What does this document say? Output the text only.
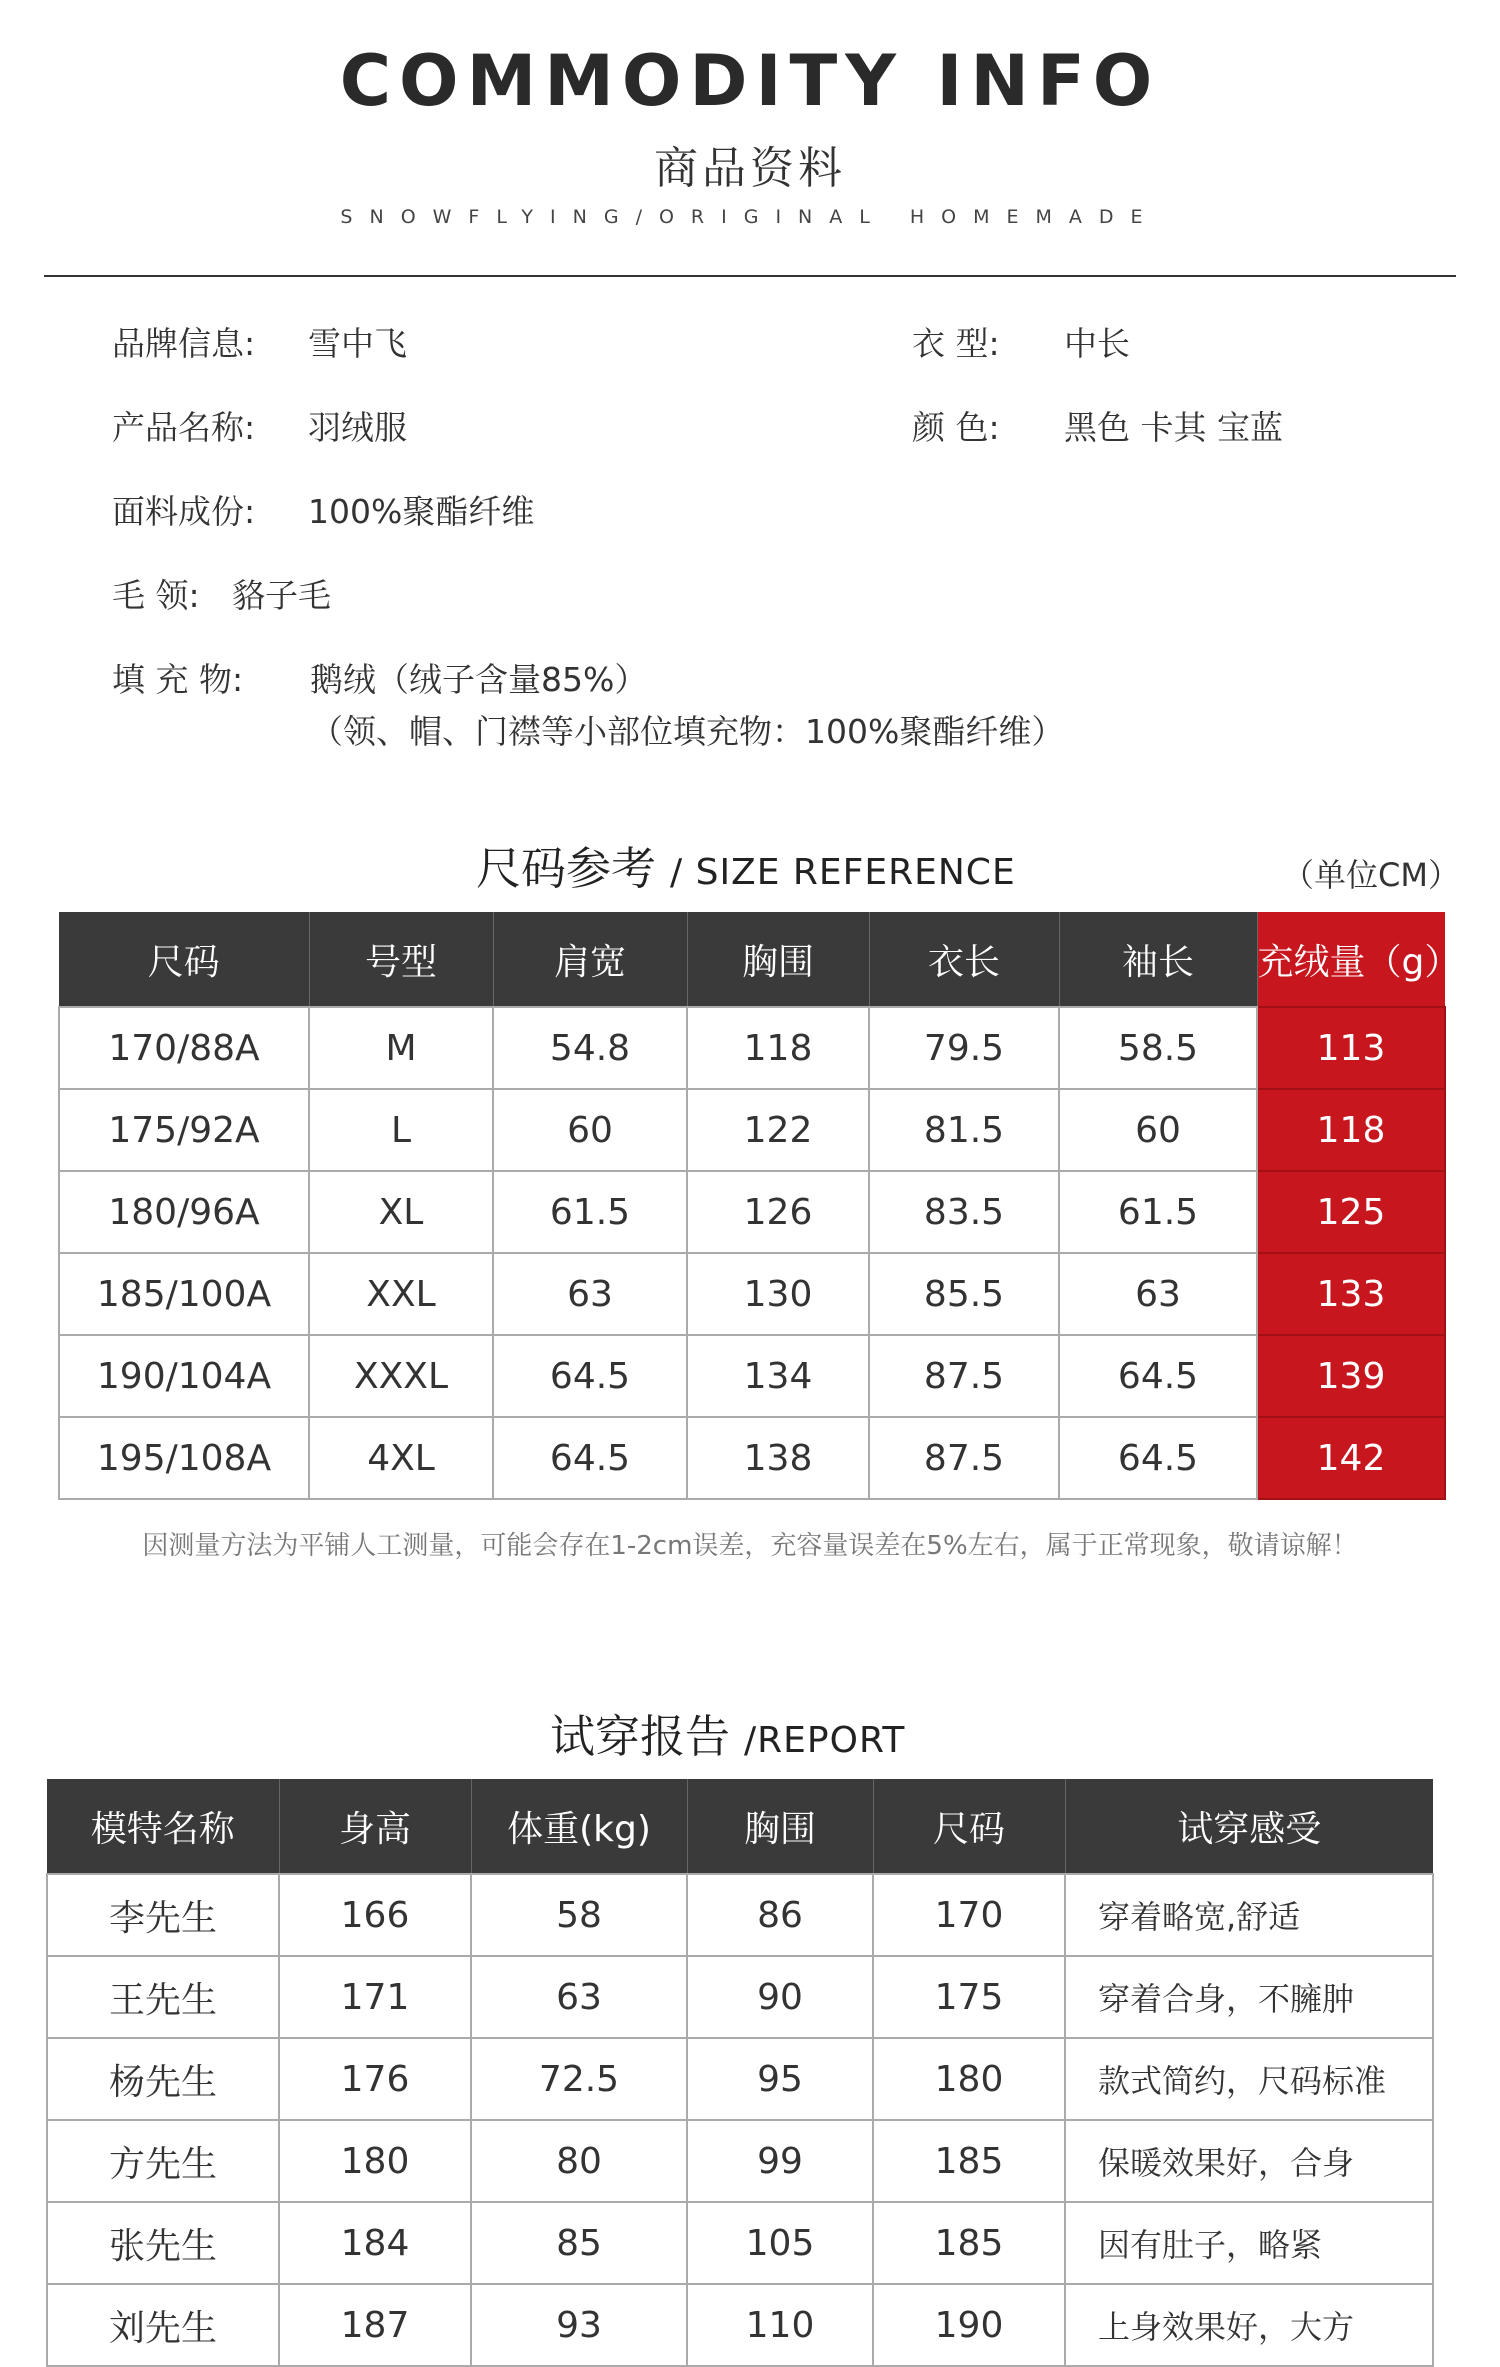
COMMODITY INFO
商品资料
SNOWFLYING/ORIGINAL HOMEMADE
品牌信息: 雪中飞	衣 型: 中长
产品名称: 羽绒服	颜 色: 黑色 卡其 宝蓝
面料成份: 100%聚酯纤维
毛 领: 貉子毛
填 充 物: 鹅绒（绒子含量85%）
（领、帽、门襟等小部位填充物：100%聚酯纤维）
尺码参考 / SIZE REFERENCE	（单位CM）
尺码	号型	肩宽	胸围	衣长	袖长	充绒量（g）
170/88A	M	54.8	118	79.5	58.5	113
175/92A	L	60	122	81.5	60	118
180/96A	XL	61.5	126	83.5	61.5	125
185/100A	XXL	63	130	85.5	63	133
190/104A	XXXL	64.5	134	87.5	64.5	139
195/108A	4XL	64.5	138	87.5	64.5	142
因测量方法为平铺人工测量，可能会存在1-2cm误差，充容量误差在5%左右，属于正常现象，敬请谅解！
试穿报告 /REPORT
模特名称	身高	体重(kg)	胸围	尺码	试穿感受
李先生	166	58	86	170	穿着略宽,舒适
王先生	171	63	90	175	穿着合身，不臃肿
杨先生	176	72.5	95	180	款式简约，尺码标准
方先生	180	80	99	185	保暖效果好，合身
张先生	184	85	105	185	因有肚子，略紧
刘先生	187	93	110	190	上身效果好，大方
